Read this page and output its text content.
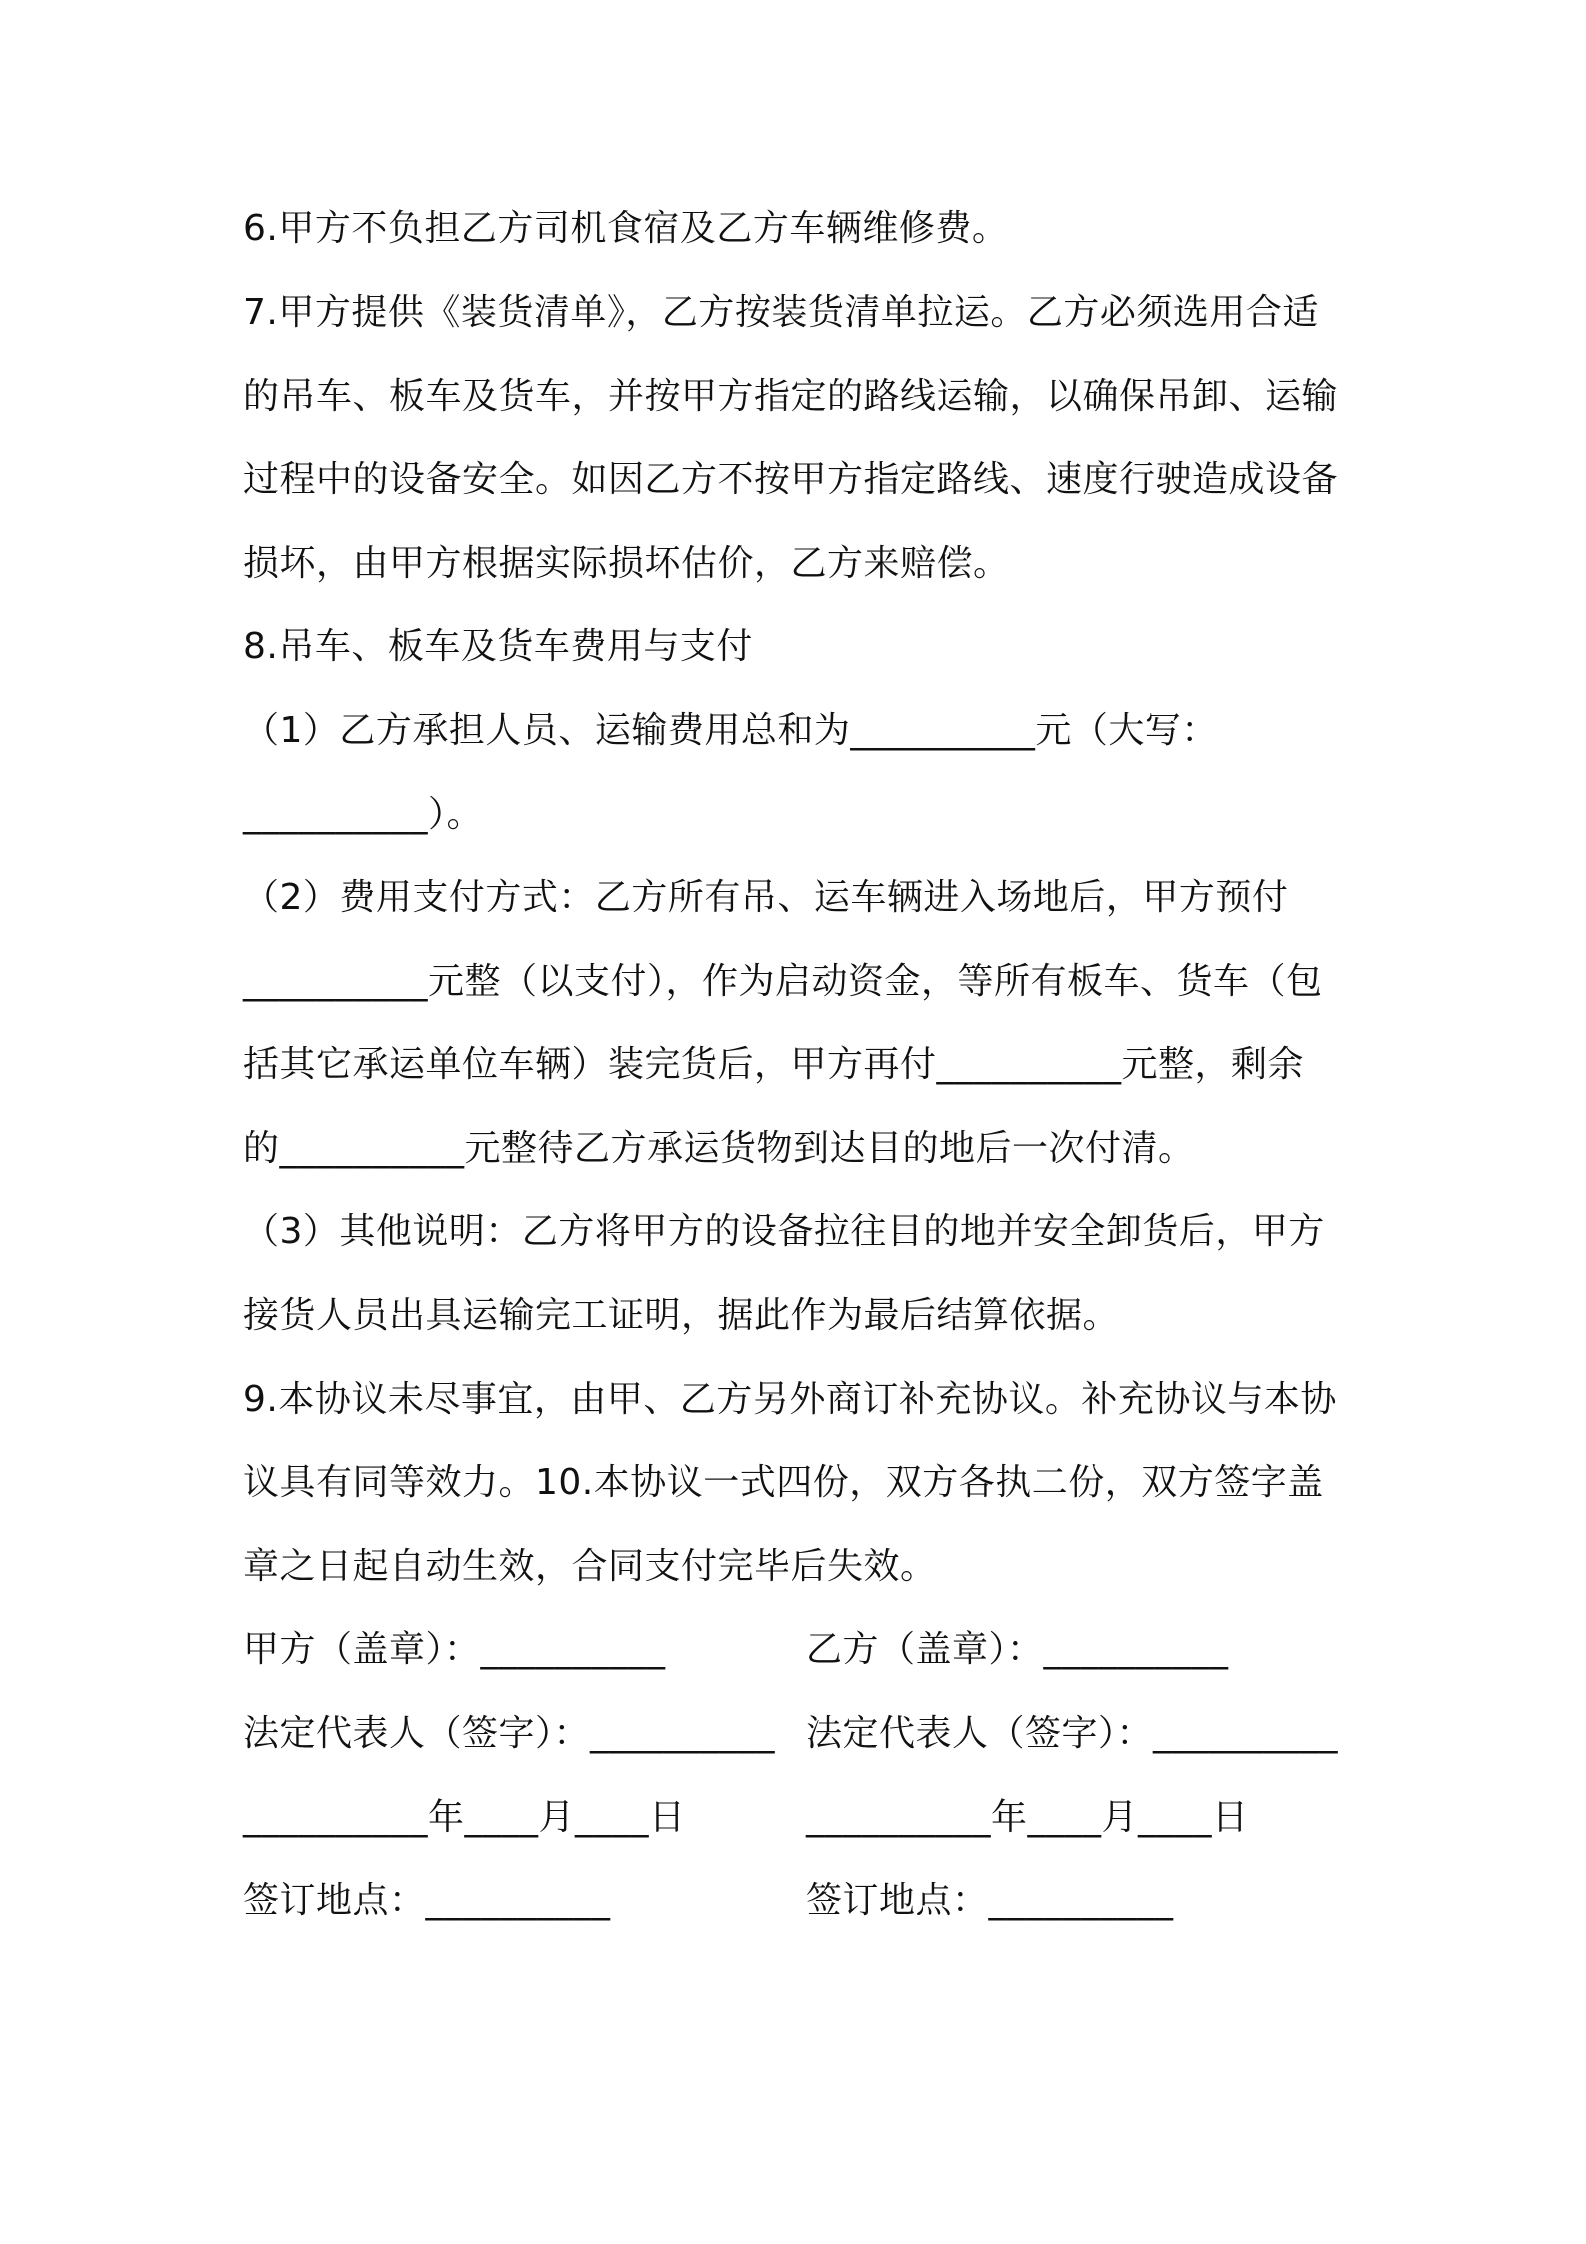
6.甲方不负担乙方司机食宿及乙方车辆维修费。
7.甲方提供《装货清单》，乙方按装货清单拉运。乙方必须选用合适
的吊车、板车及货车，并按甲方指定的路线运输，以确保吊卸、运输
过程中的设备安全。如因乙方不按甲方指定路线、速度行驶造成设备
损坏，由甲方根据实际损坏估价，乙方来赔偿。
8.吊车、板车及货车费用与支付
（1）乙方承担人员、运输费用总和为__________元（大写：
__________）。
（2）费用支付方式：乙方所有吊、运车辆进入场地后，甲方预付
__________元整（以支付），作为启动资金，等所有板车、货车（包
括其它承运单位车辆）装完货后，甲方再付__________元整，剩余
的__________元整待乙方承运货物到达目的地后一次付清。
（3）其他说明：乙方将甲方的设备拉往目的地并安全卸货后，甲方
接货人员出具运输完工证明，据此作为最后结算依据。
9.本协议未尽事宜，由甲、乙方另外商订补充协议。补充协议与本协
议具有同等效力。10.本协议一式四份，双方各执二份，双方签字盖
章之日起自动生效，合同支付完毕后失效。
甲方（盖章）：__________	乙方（盖章）：__________
法定代表人（签字）：__________ 法定代表人（签字）：__________
__________年____月____日	__________年____月____日
签订地点：__________	签订地点：__________
